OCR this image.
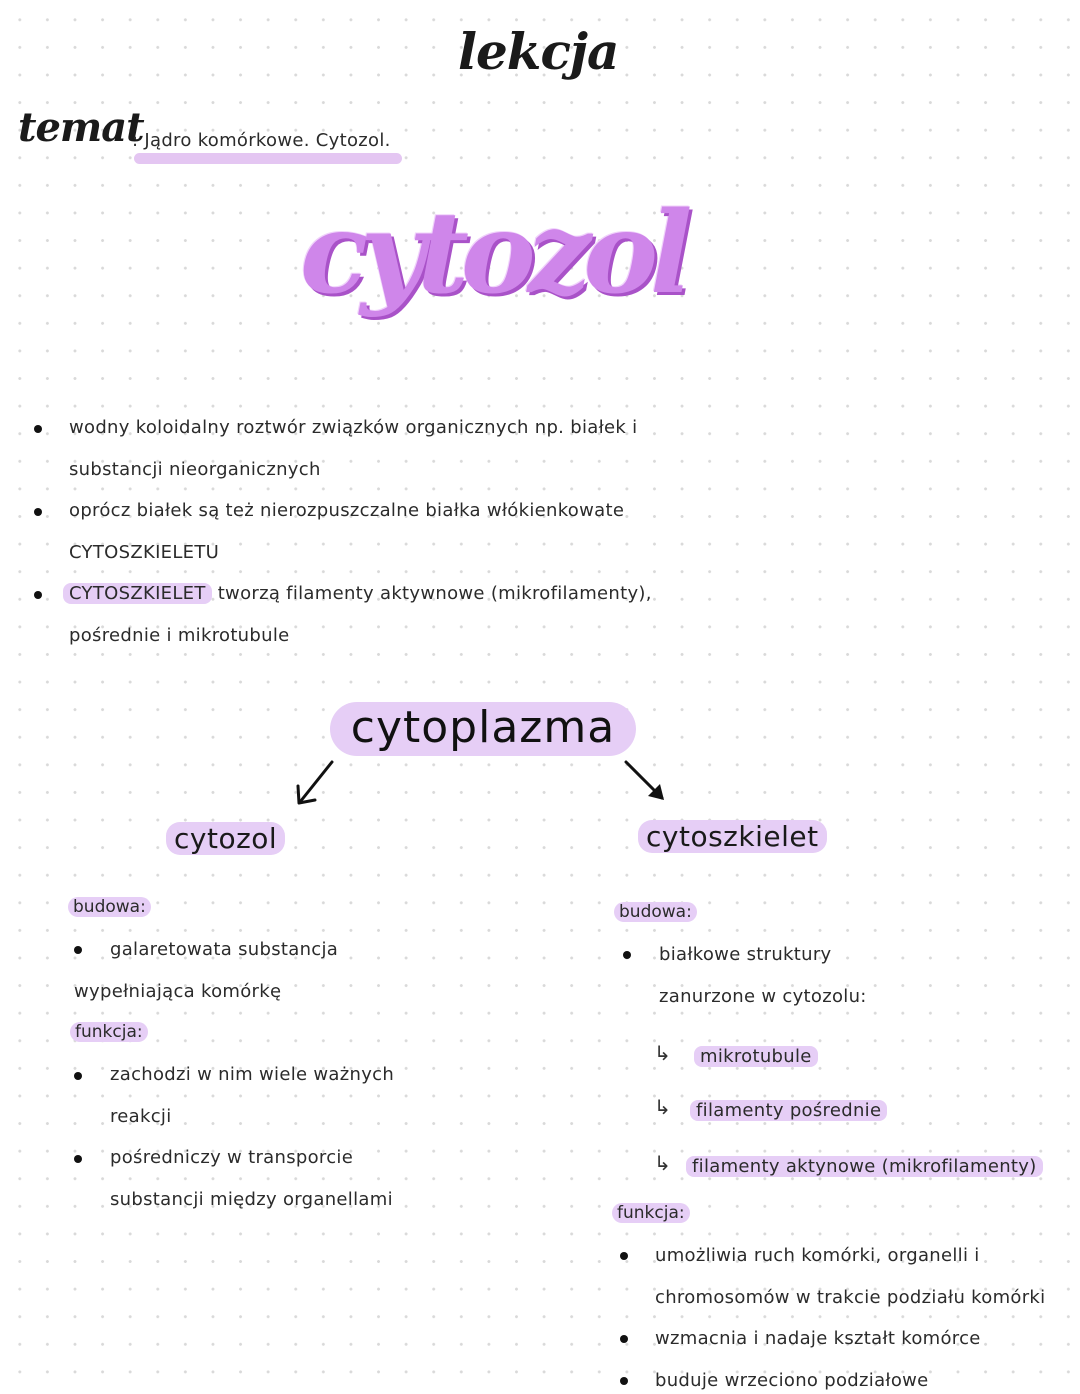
lekcja
temat
: Jądro komórkowe. Cytozol.
cytozol
wodny koloidalny roztwór związków organicznych np. białek i
substancji nieorganicznych
oprócz białek są też nierozpuszczalne białka włókienkowate
CYTOSZKIELETU
CYTOSZKIELET tworzą filamenty aktywnowe (mikrofilamenty),
pośrednie i mikrotubule
cytoplazma
cytozol
budowa:
galaretowata substancja
wypełniająca komórkę
funkcja:
zachodzi w nim wiele ważnych
reakcji
pośredniczy w transporcie
substancji między organellami
cytoszkielet
budowa:
białkowe struktury
zanurzone w cytozolu:
↳	mikrotubule
↳	filamenty pośrednie
↳	filamenty aktynowe (mikrofilamenty)
funkcja:
umożliwia ruch komórki, organelli i
chromosomów w trakcie podziału komórki
wzmacnia i nadaje kształt komórce
buduje wrzeciono podziałowe
